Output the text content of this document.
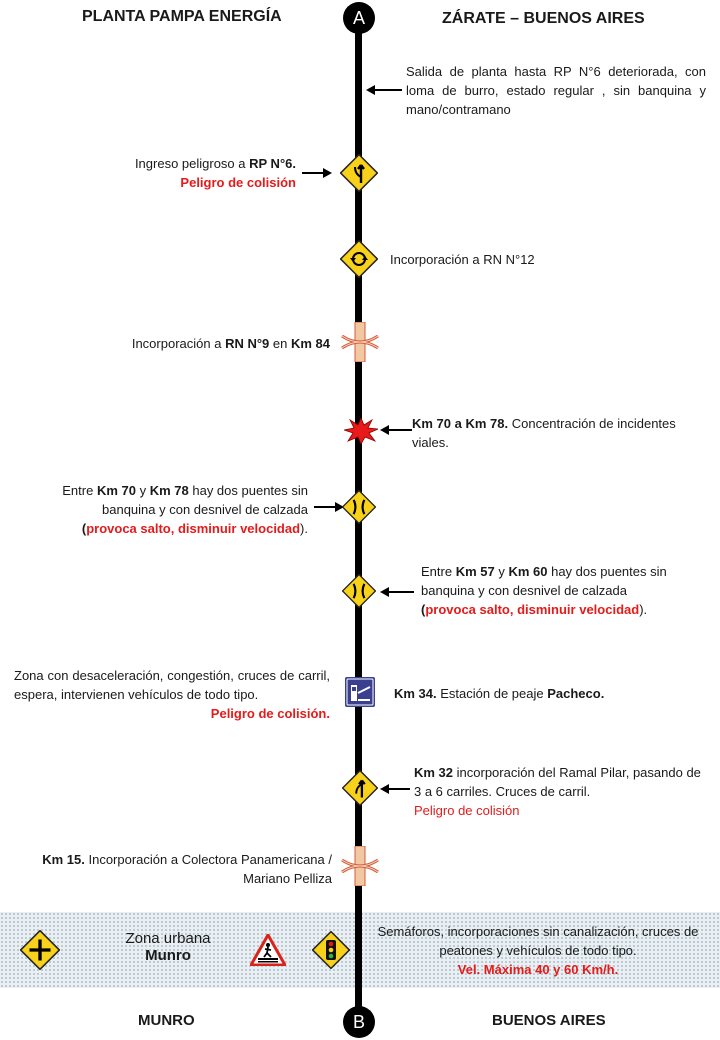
PLANTA PAMPA ENERGÍA	ZÁRATE – BUENOS AIRES
A
B
Salida de planta hasta RP N°6 deteriorada, con loma de burro, estado regular , sin banquina y mano/contramano
Ingreso peligroso a RP N°6.
Peligro de colisión
Incorporación a RN N°12
Incorporación a RN N°9 en Km 84
Km 70 a Km 78. Concentración de incidentes viales.
Entre Km 70 y Km 78 hay dos puentes sin banquina y con desnivel de calzada
(provoca salto, disminuir velocidad).
Entre Km 57 y Km 60 hay dos puentes sin banquina y con desnivel de calzada
(provoca salto, disminuir velocidad).
Zona con desaceleración, congestión, cruces de carril, espera, intervienen vehículos de todo tipo.
Peligro de colisión.
Km 34. Estación de peaje Pacheco.
Km 32 incorporación del Ramal Pilar, pasando de 3 a 6 carriles. Cruces de carril.
Peligro de colisión
Km 15. Incorporación a Colectora Panamericana / Mariano Pelliza
Zona urbana
Munro
Semáforos, incorporaciones sin canalización, cruces de peatones y vehículos de todo tipo.
Vel. Máxima 40 y 60 Km/h.
MUNRO	BUENOS AIRES
